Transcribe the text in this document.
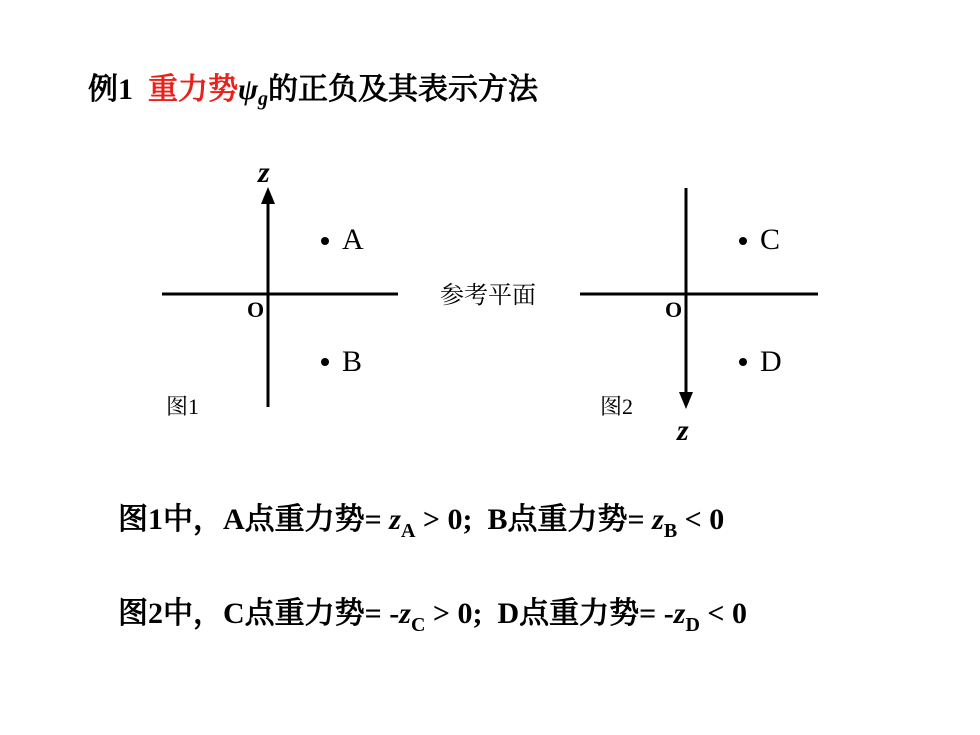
例1 重力势$\psi_g$的正负及其表示方法
z
A
O
B
图1
参考平面
C
O
D
图2
z
图1中，A点重力势= $z_A > 0$;  B点重力势= $z_B < 0$
图2中，C点重力势= $-z_C > 0$;  D点重力势= $-z_D < 0$
